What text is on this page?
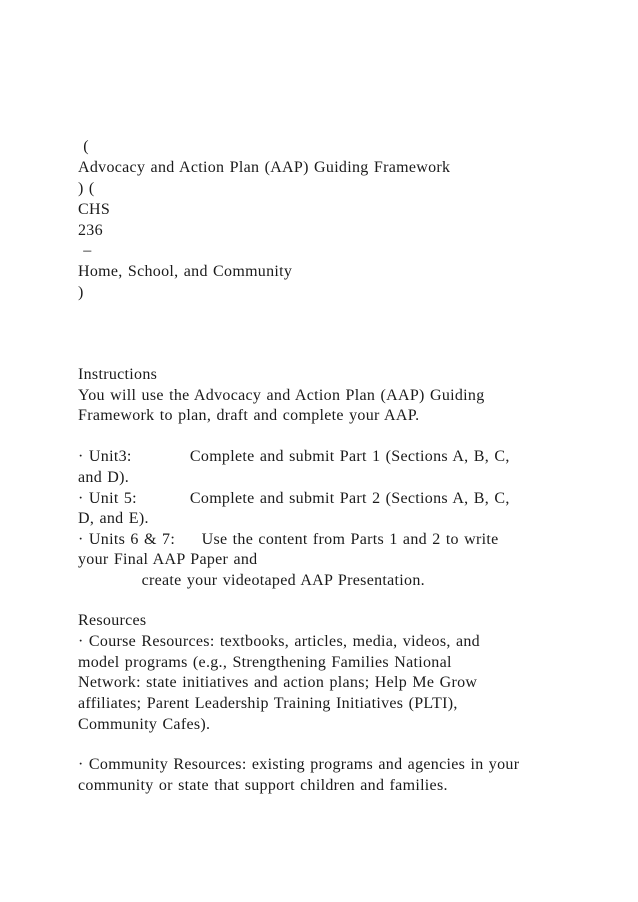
(
Advocacy and Action Plan (AAP) Guiding Framework
) (
CHS
236
–
Home, School, and Community
)
Instructions
You will use the Advocacy and Action Plan (AAP) Guiding
Framework to plan, draft and complete your AAP.
· Unit3:           Complete and submit Part 1 (Sections A, B, C,
and D).
· Unit 5:          Complete and submit Part 2 (Sections A, B, C,
D, and E).
· Units 6 & 7:     Use the content from Parts 1 and 2 to write
your Final AAP Paper and
create your videotaped AAP Presentation.
Resources
· Course Resources: textbooks, articles, media, videos, and
model programs (e.g., Strengthening Families National
Network: state initiatives and action plans; Help Me Grow
affiliates; Parent Leadership Training Initiatives (PLTI),
Community Cafes).
· Community Resources: existing programs and agencies in your
community or state that support children and families.
